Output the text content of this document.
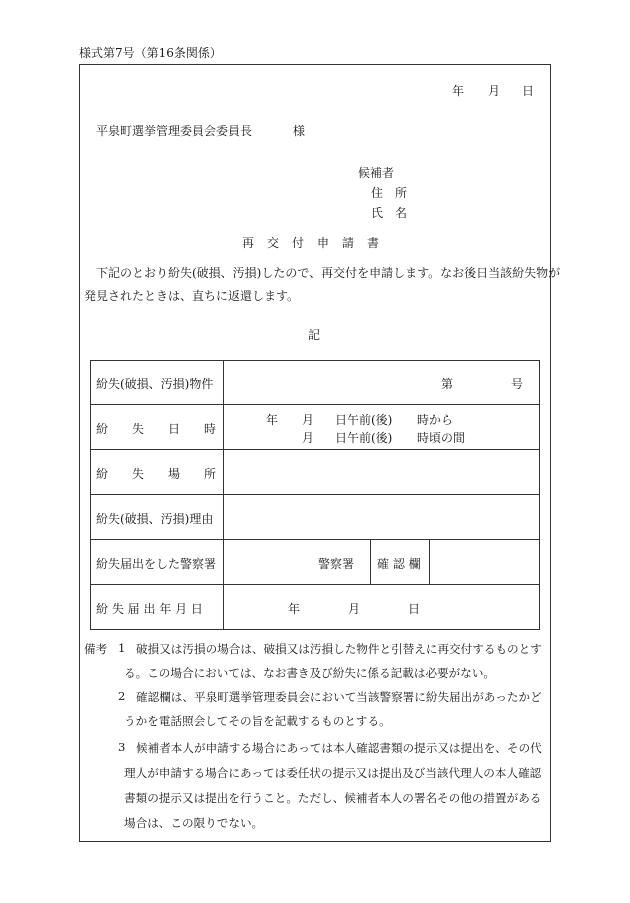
様式第7号（第16条関係）
年 月 日
平泉町選挙管理委員会委員長	様
候補者
住　所
氏　名
再交付申請書
下記のとおり紛失(破損、汚損)したので、再交付を申請します。なお後日当該紛失物が
発見されたときは、直ちに返還します。
記
紛失(破損、汚損)物件	第	号
紛　　失　　日　　時
年 月 日午前(後) 時から
月 日午前(後) 時頃の間
紛　　失　　場　　所
紛失(破損、汚損)理由
紛失届出をした警察署	警察署 確 認 欄
紛 失 届 出 年 月 日	年	月	日
備考 1 破損又は汚損の場合は、破損又は汚損した物件と引替えに再交付するものとす
る。この場合においては、なお書き及び紛失に係る記載は必要がない。
2 確認欄は、平泉町選挙管理委員会において当該警察署に紛失届出があったかど
うかを電話照会してその旨を記載するものとする。
3 候補者本人が申請する場合にあっては本人確認書類の提示又は提出を、その代
理人が申請する場合にあっては委任状の提示又は提出及び当該代理人の本人確認
書類の提示又は提出を行うこと。ただし、候補者本人の署名その他の措置がある
場合は、この限りでない。
